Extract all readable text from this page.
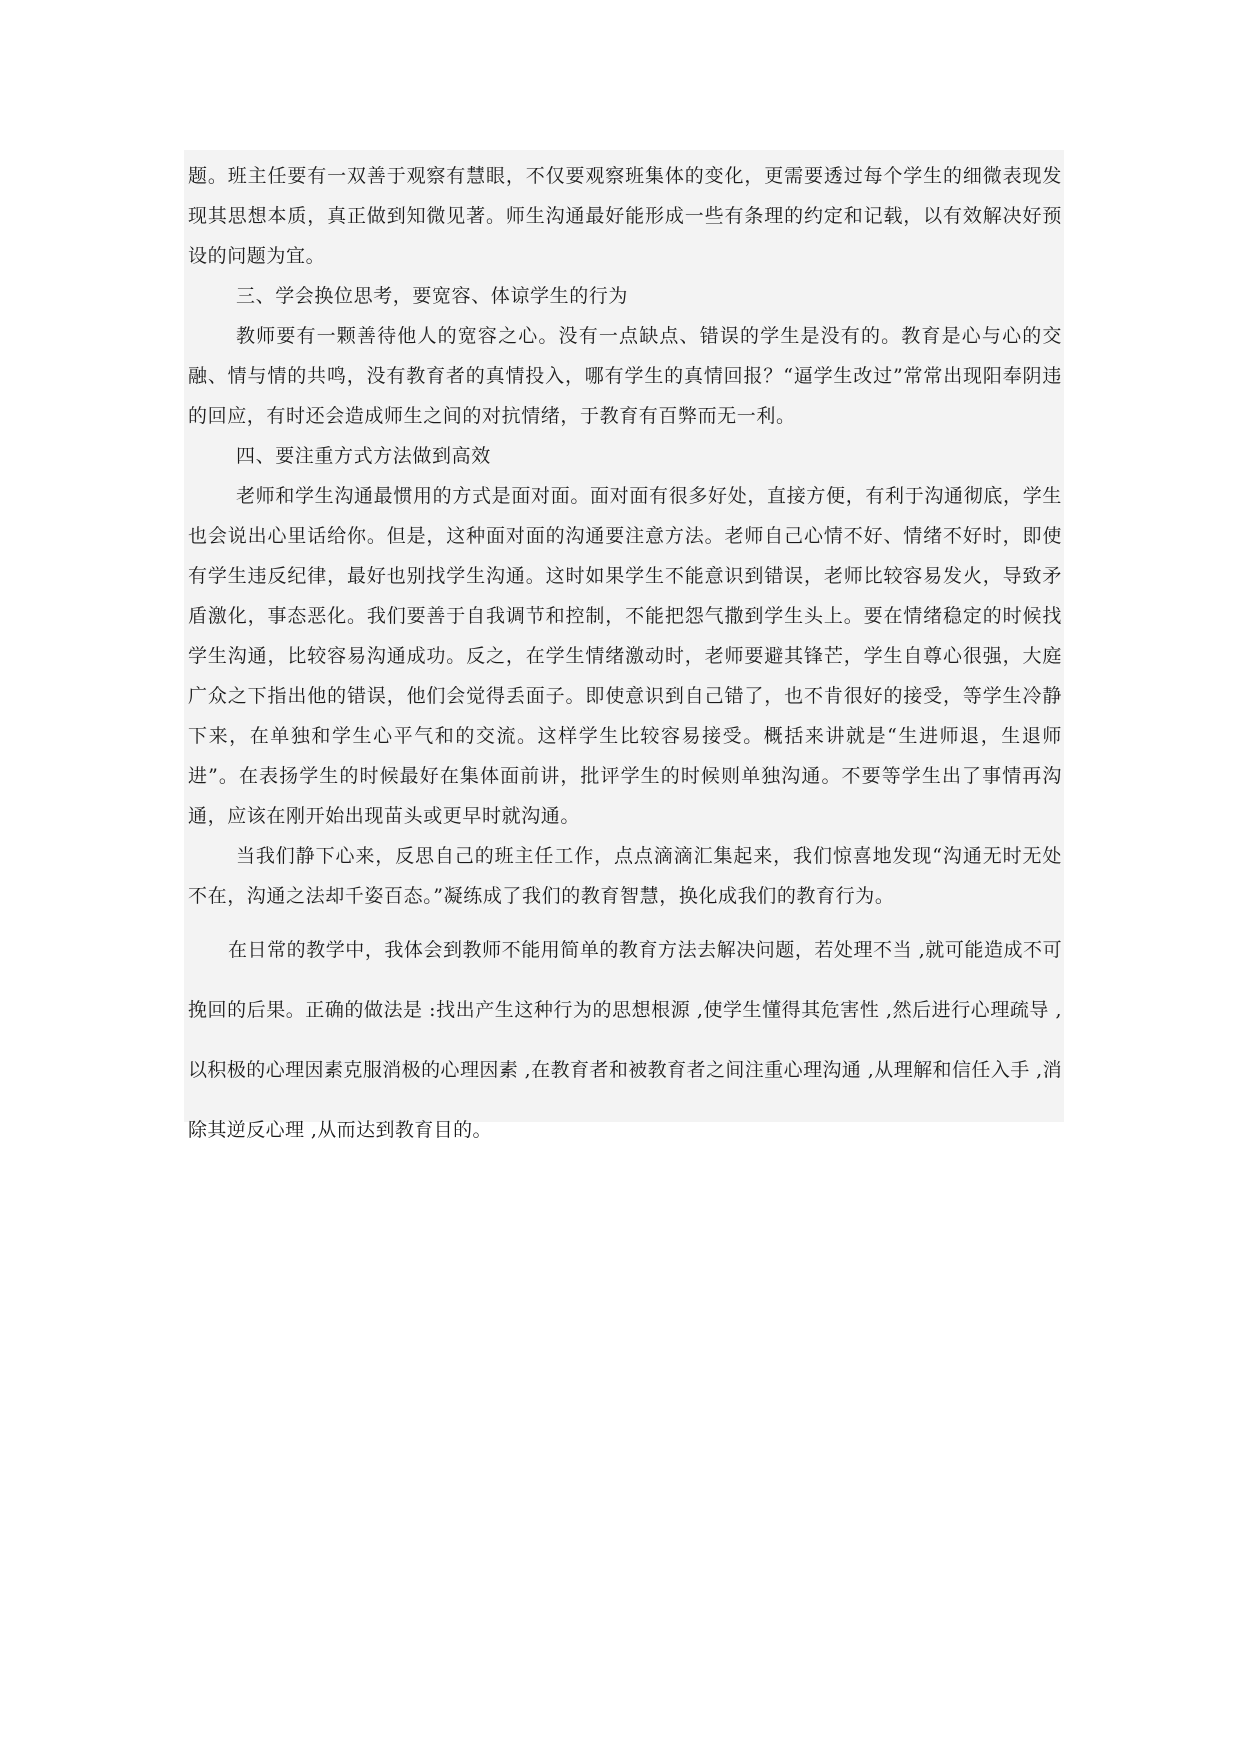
题。班主任要有一双善于观察有慧眼，不仅要观察班集体的变化，更需要透过每个学生的细微表现发现其思想本质，真正做到知微见著。师生沟通最好能形成一些有条理的约定和记载，以有效解决好预设的问题为宜。

三、学会换位思考，要宽容、体谅学生的行为

教师要有一颗善待他人的宽容之心。没有一点缺点、错误的学生是没有的。教育是心与心的交融、情与情的共鸣，没有教育者的真情投入，哪有学生的真情回报？“逼学生改过”常常出现阳奉阴违的回应，有时还会造成师生之间的对抗情绪，于教育有百弊而无一利。

四、要注重方式方法做到高效

老师和学生沟通最惯用的方式是面对面。面对面有很多好处，直接方便，有利于沟通彻底，学生也会说出心里话给你。但是，这种面对面的沟通要注意方法。老师自己心情不好、情绪不好时，即使有学生违反纪律，最好也别找学生沟通。这时如果学生不能意识到错误，老师比较容易发火，导致矛盾激化，事态恶化。我们要善于自我调节和控制，不能把怨气撒到学生头上。要在情绪稳定的时候找学生沟通，比较容易沟通成功。反之，在学生情绪激动时，老师要避其锋芒，学生自尊心很强，大庭广众之下指出他的错误，他们会觉得丢面子。即使意识到自己错了，也不肯很好的接受，等学生冷静下来，在单独和学生心平气和的交流。这样学生比较容易接受。概括来讲就是“生进师退，生退师进”。在表扬学生的时候最好在集体面前讲，批评学生的时候则单独沟通。不要等学生出了事情再沟通，应该在刚开始出现苗头或更早时就沟通。

当我们静下心来，反思自己的班主任工作，点点滴滴汇集起来，我们惊喜地发现“沟通无时无处不在，沟通之法却千姿百态。”凝练成了我们的教育智慧，换化成我们的教育行为。

在日常的教学中，我体会到教师不能用简单的教育方法去解决问题，若处理不当 ,就可能造成不可挽回的后果。正确的做法是 :找出产生这种行为的思想根源 ,使学生懂得其危害性 ,然后进行心理疏导 ,以积极的心理因素克服消极的心理因素 ,在教育者和被教育者之间注重心理沟通 ,从理解和信任入手 ,消除其逆反心理 ,从而达到教育目的。
